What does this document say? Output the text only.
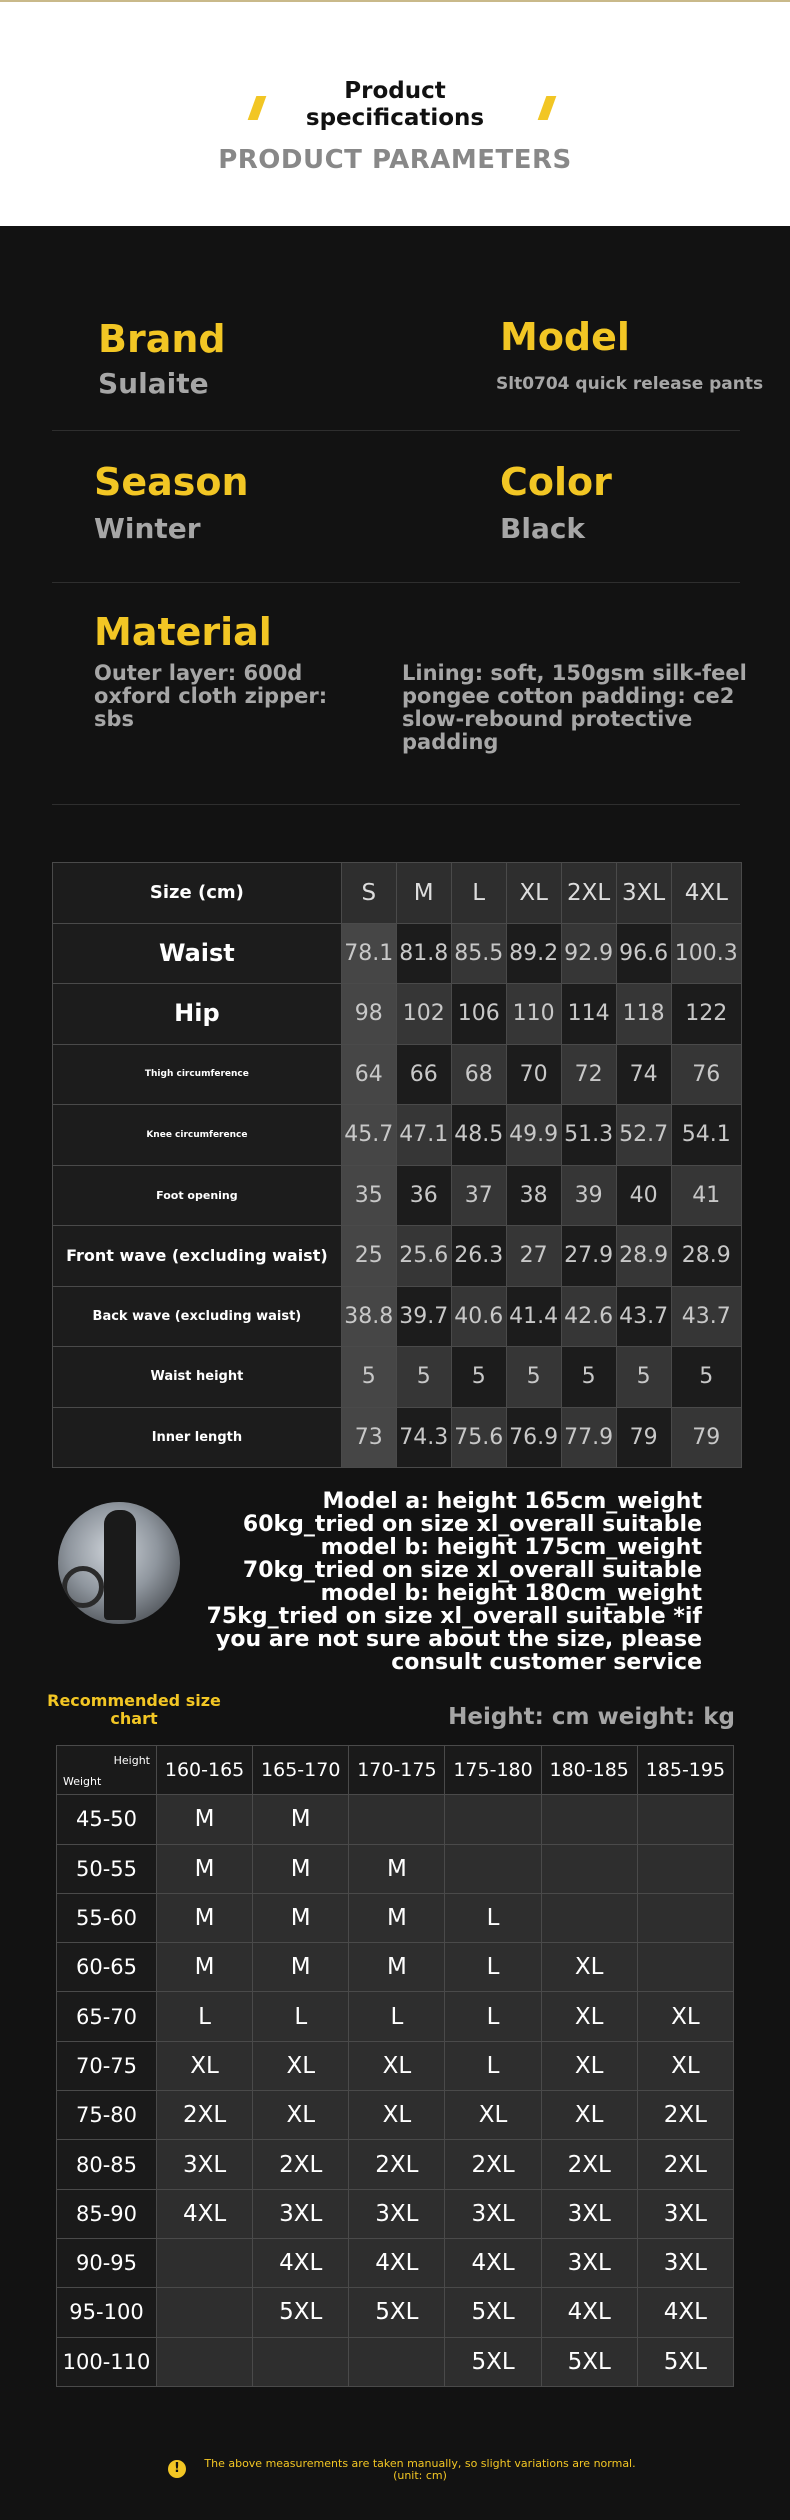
Product specifications
PRODUCT PARAMETERS
Brand
Sulaite
Model
Slt0704 quick release pants
Season
Winter
Color
Black
Material
Outer layer: 600d oxford cloth zipper: sbs
Lining: soft, 150gsm silk-feel pongee cotton padding: ce2 slow-rebound protective padding
Size (cm)	S	M	L	XL	2XL	3XL	4XL
Waist	78.1	81.8	85.5	89.2	92.9	96.6	100.3
Hip	98	102	106	110	114	118	122
Thigh circumference	64	66	68	70	72	74	76
Knee circumference	45.7	47.1	48.5	49.9	51.3	52.7	54.1
Foot opening	35	36	37	38	39	40	41
Front wave (excluding waist)	25	25.6	26.3	27	27.9	28.9	28.9
Back wave (excluding waist)	38.8	39.7	40.6	41.4	42.6	43.7	43.7
Waist height	5	5	5	5	5	5	5
Inner length	73	74.3	75.6	76.9	77.9	79	79
Model a: height 165cm_weight 60kg_tried on size xl_overall suitable model b: height 175cm_weight 70kg_tried on size xl_overall suitable model b: height 180cm_weight 75kg_tried on size xl_overall suitable *if you are not sure about the size, please consult customer service
Recommended size chart	Height: cm weight: kg
Height
Weight	160-165	165-170	170-175	175-180	180-185	185-195
45-50	M	M				
50-55	M	M	M			
55-60	M	M	M	L		
60-65	M	M	M	L	XL	
65-70	L	L	L	L	XL	XL
70-75	XL	XL	XL	L	XL	XL
75-80	2XL	XL	XL	XL	XL	2XL
80-85	3XL	2XL	2XL	2XL	2XL	2XL
85-90	4XL	3XL	3XL	3XL	3XL	3XL
90-95		4XL	4XL	4XL	3XL	3XL
95-100		5XL	5XL	5XL	4XL	4XL
100-110				5XL	5XL	5XL
!	The above measurements are taken manually, so slight variations are normal. (unit: cm)
